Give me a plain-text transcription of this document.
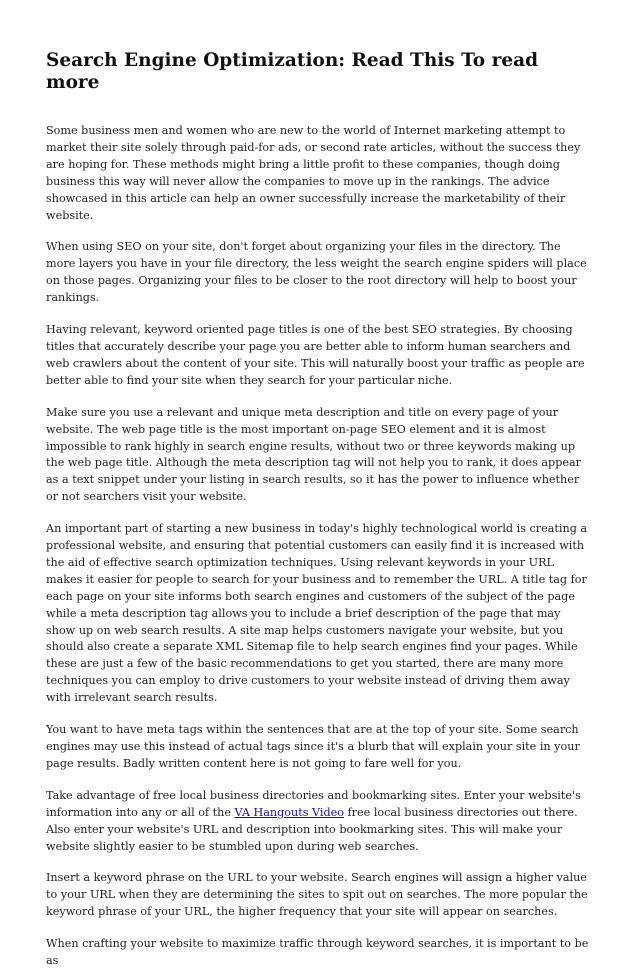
Search Engine Optimization: Read This To read more

Some business men and women who are new to the world of Internet marketing attempt to market their site solely through paid-for ads, or second rate articles, without the success they are hoping for. These methods might bring a little profit to these companies, though doing business this way will never allow the companies to move up in the rankings. The advice showcased in this article can help an owner successfully increase the marketability of their website.

When using SEO on your site, don't forget about organizing your files in the directory. The more layers you have in your file directory, the less weight the search engine spiders will place on those pages. Organizing your files to be closer to the root directory will help to boost your rankings.

Having relevant, keyword oriented page titles is one of the best SEO strategies. By choosing titles that accurately describe your page you are better able to inform human searchers and web crawlers about the content of your site. This will naturally boost your traffic as people are better able to find your site when they search for your particular niche.

Make sure you use a relevant and unique meta description and title on every page of your website. The web page title is the most important on-page SEO element and it is almost impossible to rank highly in search engine results, without two or three keywords making up the web page title. Although the meta description tag will not help you to rank, it does appear as a text snippet under your listing in search results, so it has the power to influence whether or not searchers visit your website.

An important part of starting a new business in today's highly technological world is creating a professional website, and ensuring that potential customers can easily find it is increased with the aid of effective search optimization techniques. Using relevant keywords in your URL makes it easier for people to search for your business and to remember the URL. A title tag for each page on your site informs both search engines and customers of the subject of the page while a meta description tag allows you to include a brief description of the page that may show up on web search results. A site map helps customers navigate your website, but you should also create a separate XML Sitemap file to help search engines find your pages. While these are just a few of the basic recommendations to get you started, there are many more techniques you can employ to drive customers to your website instead of driving them away with irrelevant search results.

You want to have meta tags within the sentences that are at the top of your site. Some search engines may use this instead of actual tags since it's a blurb that will explain your site in your page results. Badly written content here is not going to fare well for you.

Take advantage of free local business directories and bookmarking sites. Enter your website's information into any or all of the VA Hangouts Video free local business directories out there. Also enter your website's URL and description into bookmarking sites. This will make your website slightly easier to be stumbled upon during web searches.

Insert a keyword phrase on the URL to your website. Search engines will assign a higher value to your URL when they are determining the sites to spit out on searches. The more popular the keyword phrase of your URL, the higher frequency that your site will appear on searches.

When crafting your website to maximize traffic through keyword searches, it is important to be as
